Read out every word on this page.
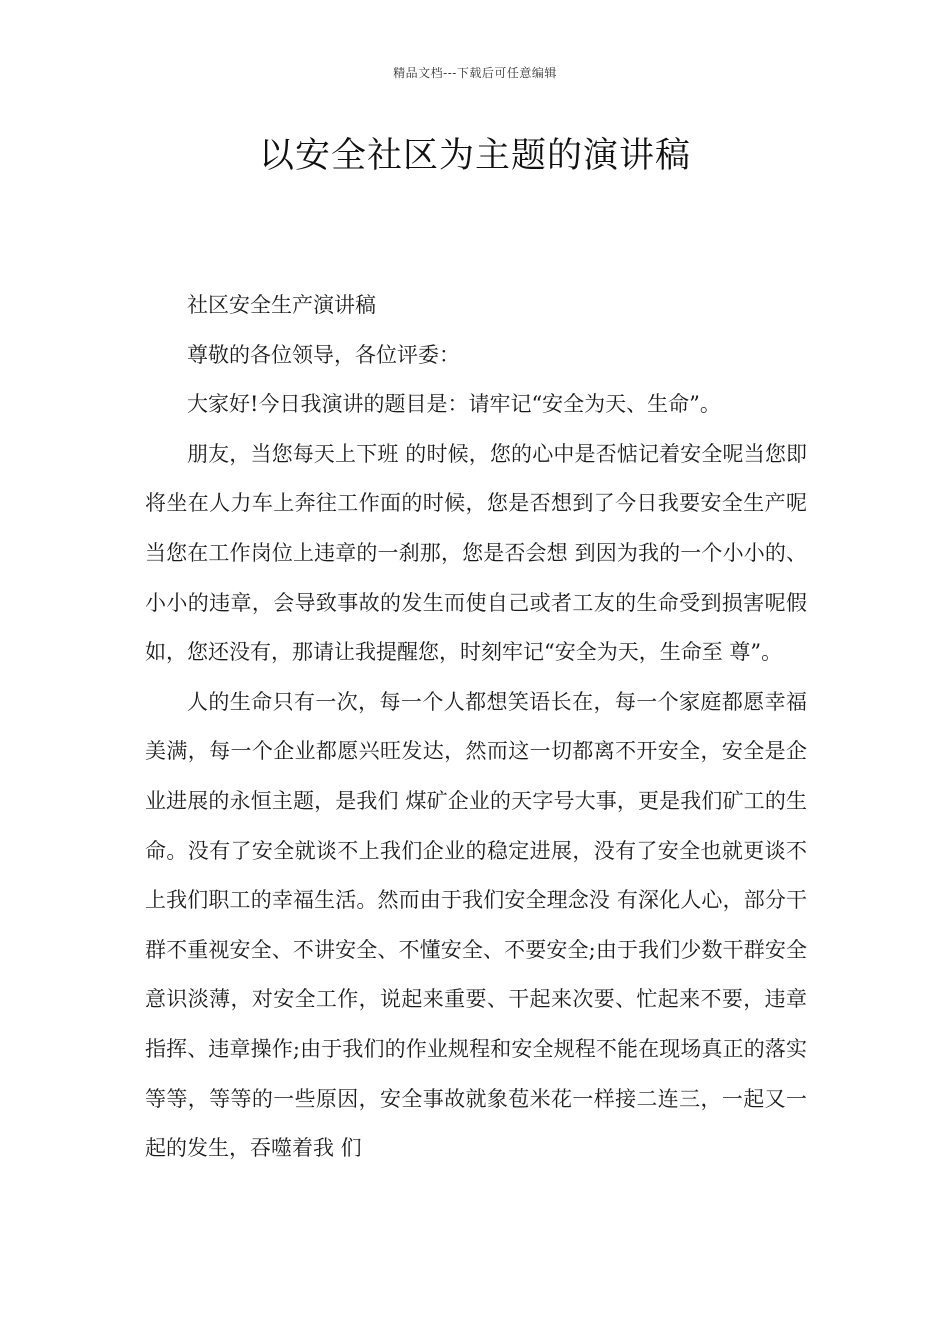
精品文档---下载后可任意编辑
以安全社区为主题的演讲稿

社区安全生产演讲稿

尊敬的各位领导，各位评委：

大家好!今日我演讲的题目是：请牢记“安全为天、生命”。

朋友，当您每天上下班 的时候，您的心中是否惦记着安全呢当您即将坐在人力车上奔往工作面的时候，您是否想到了今日我要安全生产呢当您在工作岗位上违章的一刹那，您是否会想 到因为我的一个小小的、小小的违章，会导致事故的发生而使自己或者工友的生命受到损害呢假如，您还没有，那请让我提醒您，时刻牢记“安全为天，生命至 尊”。

人的生命只有一次，每一个人都想笑语长在，每一个家庭都愿幸福美满，每一个企业都愿兴旺发达，然而这一切都离不开安全，安全是企业进展的永恒主题，是我们 煤矿企业的天字号大事，更是我们矿工的生命。没有了安全就谈不上我们企业的稳定进展，没有了安全也就更谈不上我们职工的幸福生活。然而由于我们安全理念没 有深化人心，部分干群不重视安全、不讲安全、不懂安全、不要安全;由于我们少数干群安全意识淡薄，对安全工作，说起来重要、干起来次要、忙起来不要，违章 指挥、违章操作;由于我们的作业规程和安全规程不能在现场真正的落实等等，等等的一些原因，安全事故就象苞米花一样接二连三，一起又一起的发生，吞噬着我 们
